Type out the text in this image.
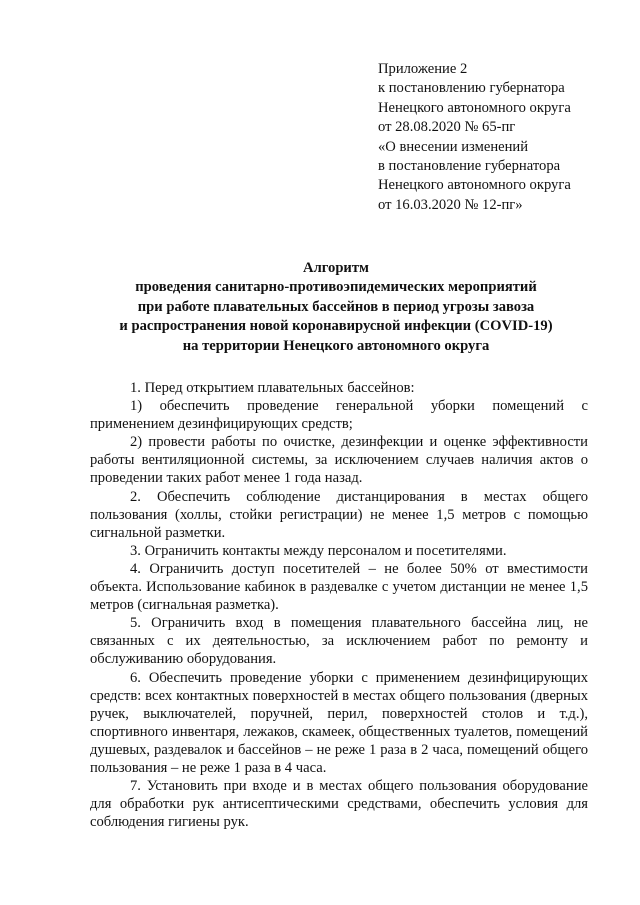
Приложение 2
к постановлению губернатора
Ненецкого автономного округа
от 28.08.2020 № 65-пг
«О внесении изменений
в постановление губернатора
Ненецкого автономного округа
от 16.03.2020 № 12-пг»
Алгоритм
проведения санитарно-противоэпидемических мероприятий
при работе плавательных бассейнов в период угрозы завоза
и распространения новой коронавирусной инфекции (COVID-19)
на территории Ненецкого автономного округа

1. Перед открытием плавательных бассейнов:

1) обеспечить проведение генеральной уборки помещений с применением дезинфицирующих средств;

2) провести работы по очистке, дезинфекции и оценке эффективности работы вентиляционной системы, за исключением случаев наличия актов о проведении таких работ менее 1 года назад.

2. Обеспечить соблюдение дистанцирования в местах общего пользования (холлы, стойки регистрации) не менее 1,5 метров с помощью сигнальной разметки.

3. Ограничить контакты между персоналом и посетителями.

4. Ограничить доступ посетителей – не более 50% от вместимости объекта. Использование кабинок в раздевалке с учетом дистанции не менее 1,5 метров (сигнальная разметка).

5. Ограничить вход в помещения плавательного бассейна лиц, не связанных с их деятельностью, за исключением работ по ремонту и обслуживанию оборудования.

6. Обеспечить проведение уборки с применением дезинфицирующих средств: всех контактных поверхностей в местах общего пользования (дверных ручек, выключателей, поручней, перил, поверхностей столов и т.д.), спортивного инвентаря, лежаков, скамеек, общественных туалетов, помещений душевых, раздевалок и бассейнов – не реже 1 раза в 2 часа, помещений общего пользования – не реже 1 раза в 4 часа.

7. Установить при входе и в местах общего пользования оборудование для обработки рук антисептическими средствами, обеспечить условия для соблюдения гигиены рук.
